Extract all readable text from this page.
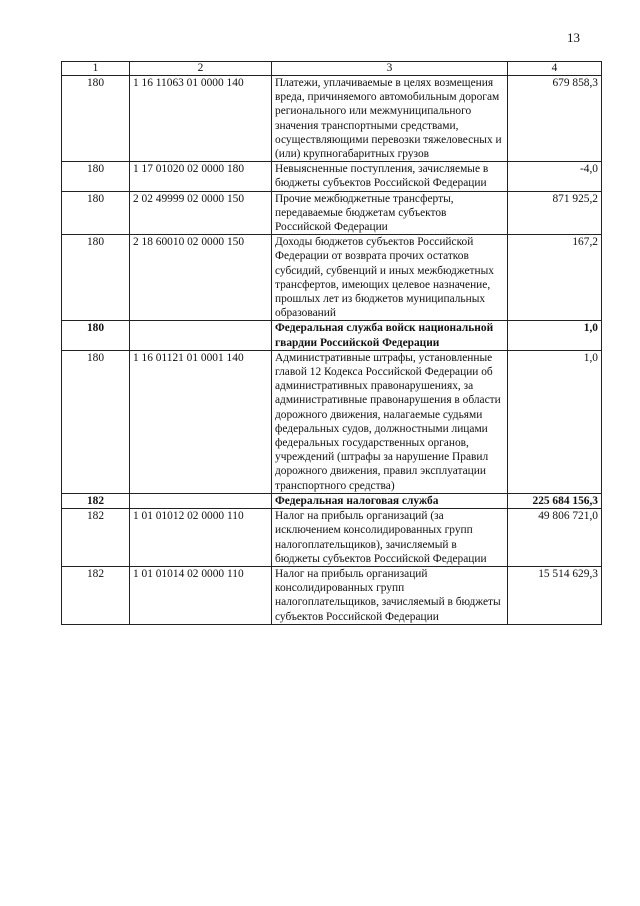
13
1	2	3	4
180	1 16 11063 01 0000 140	Платежи, уплачиваемые в целях возмещения вреда, причиняемого автомобильным дорогам регионального или межмуниципального значения транспортными средствами, осуществляющими перевозки тяжеловесных и (или) крупногабаритных грузов	679 858,3
180	1 17 01020 02 0000 180	Невыясненные поступления, зачисляемые в бюджеты субъектов Российской Федерации	-4,0
180	2 02 49999 02 0000 150	Прочие межбюджетные трансферты, передаваемые бюджетам субъектов Российской Федерации	871 925,2
180	2 18 60010 02 0000 150	Доходы бюджетов субъектов Российской Федерации от возврата прочих остатков субсидий, субвенций и иных межбюджетных трансфертов, имеющих целевое назначение, прошлых лет из бюджетов муниципальных образований	167,2
180		Федеральная служба войск национальной гвардии Российской Федерации	1,0
180	1 16 01121 01 0001 140	Административные штрафы, установленные главой 12 Кодекса Российской Федерации об административных правонарушениях, за административные правонарушения в области дорожного движения, налагаемые судьями федеральных судов, должностными лицами федеральных государственных органов, учреждений (штрафы за нарушение Правил дорожного движения, правил эксплуатации транспортного средства)	1,0
182		Федеральная налоговая служба	225 684 156,3
182	1 01 01012 02 0000 110	Налог на прибыль организаций (за исключением консолидированных групп налогоплательщиков), зачисляемый в бюджеты субъектов Российской Федерации	49 806 721,0
182	1 01 01014 02 0000 110	Налог на прибыль организаций консолидированных групп налогоплательщиков, зачисляемый в бюджеты субъектов Российской Федерации	15 514 629,3
